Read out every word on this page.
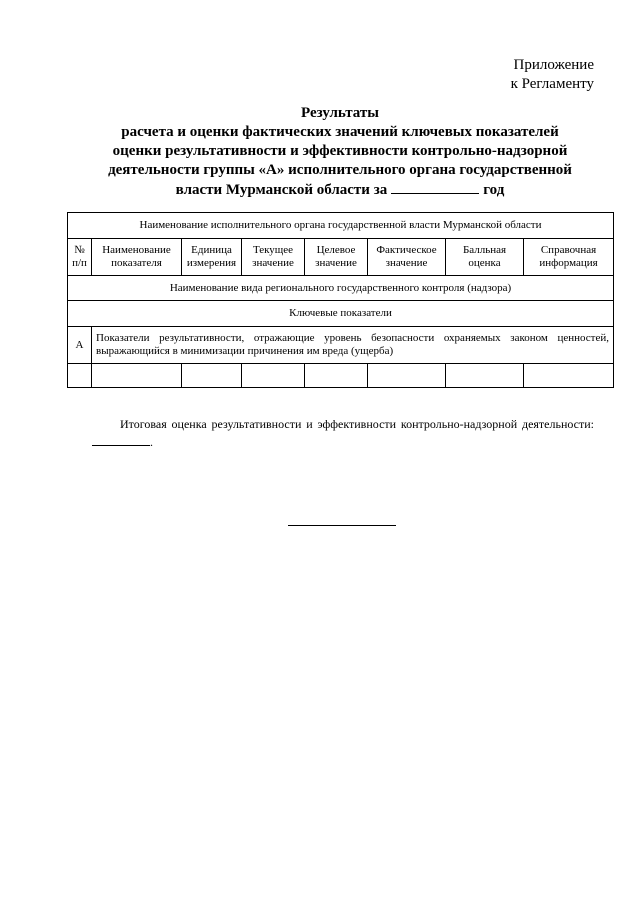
Приложение
к Регламенту
Результаты
расчета и оценки фактических значений ключевых показателей
оценки результативности и эффективности контрольно-надзорной
деятельности группы «А» исполнительного органа государственной
власти Мурманской области за	год
Наименование исполнительного органа государственной власти Мурманской области							
№ п/п	Наименование показателя	Единица измерения	Текущее значение	Целевое значение	Фактическое значение	Балльная оценка	Справочная информация
Наименование вида регионального государственного контроля (надзора)							
Ключевые показатели							
А	Показатели результативности, отражающие уровень безопасности охраняемых законом ценностей, выражающийся в минимизации причинения им вреда (ущерба)						

Итоговая оценка результативности и эффективности контрольно-надзорной деятельности:
.
